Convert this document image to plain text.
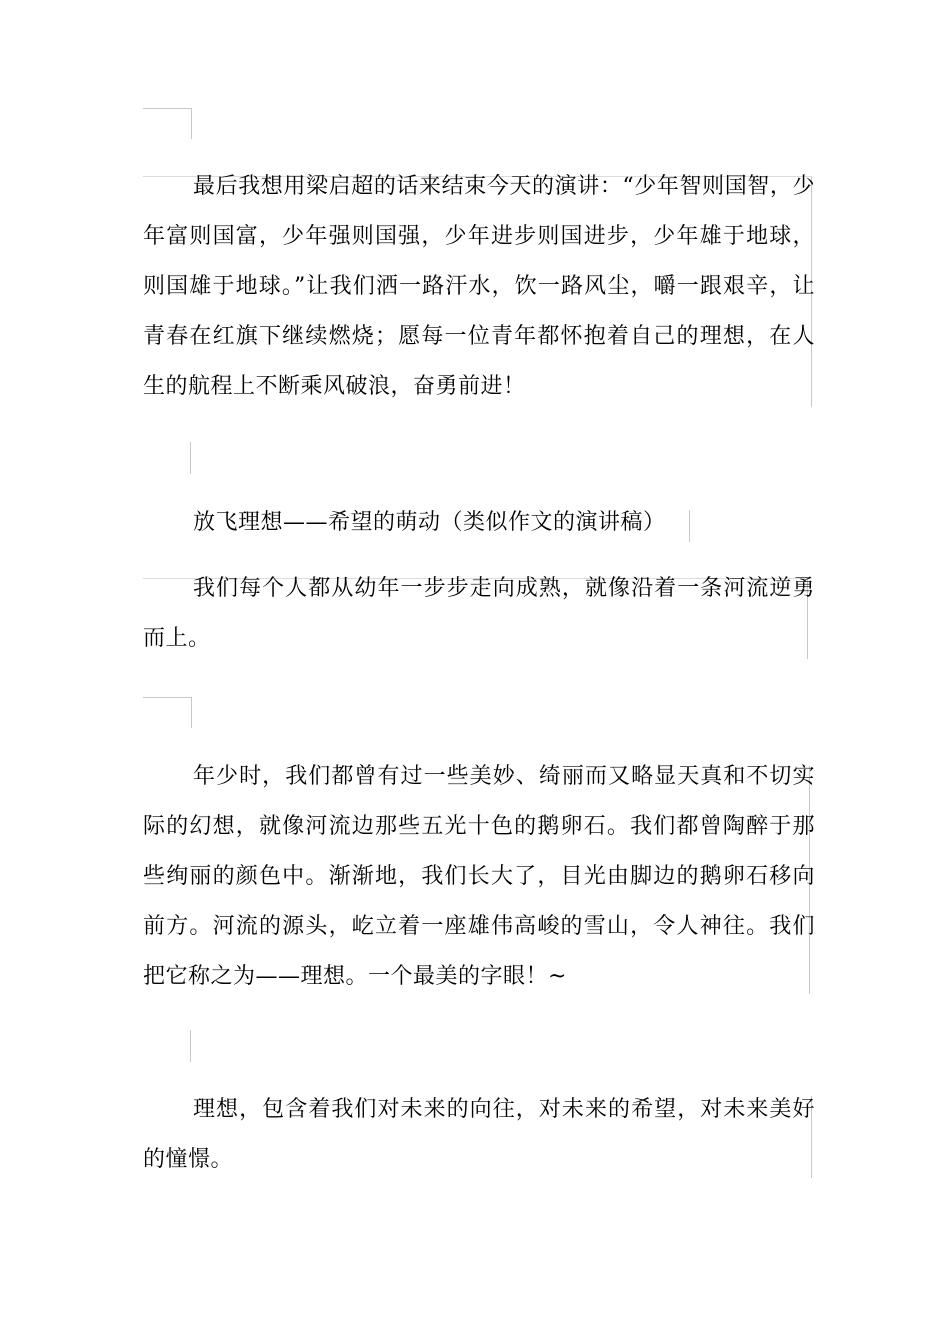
最后我想用梁启超的话来结束今天的演讲：“少年智则国智，少年富则国富，少年强则国强，少年进步则国进步，少年雄于地球，则国雄于地球。”让我们洒一路汗水，饮一路风尘，嚼一跟艰辛，让青春在红旗下继续燃烧；愿每一位青年都怀抱着自己的理想，在人生的航程上不断乘风破浪，奋勇前进！

放飞理想——希望的萌动（类似作文的演讲稿）

我们每个人都从幼年一步步走向成熟，就像沿着一条河流逆勇而上。

年少时，我们都曾有过一些美妙、绮丽而又略显天真和不切实际的幻想，就像河流边那些五光十色的鹅卵石。我们都曾陶醉于那些绚丽的颜色中。渐渐地，我们长大了，目光由脚边的鹅卵石移向前方。河流的源头，屹立着一座雄伟高峻的雪山，令人神往。我们把它称之为——理想。一个最美的字眼！~

理想，包含着我们对未来的向往，对未来的希望，对未来美好的憧憬。
